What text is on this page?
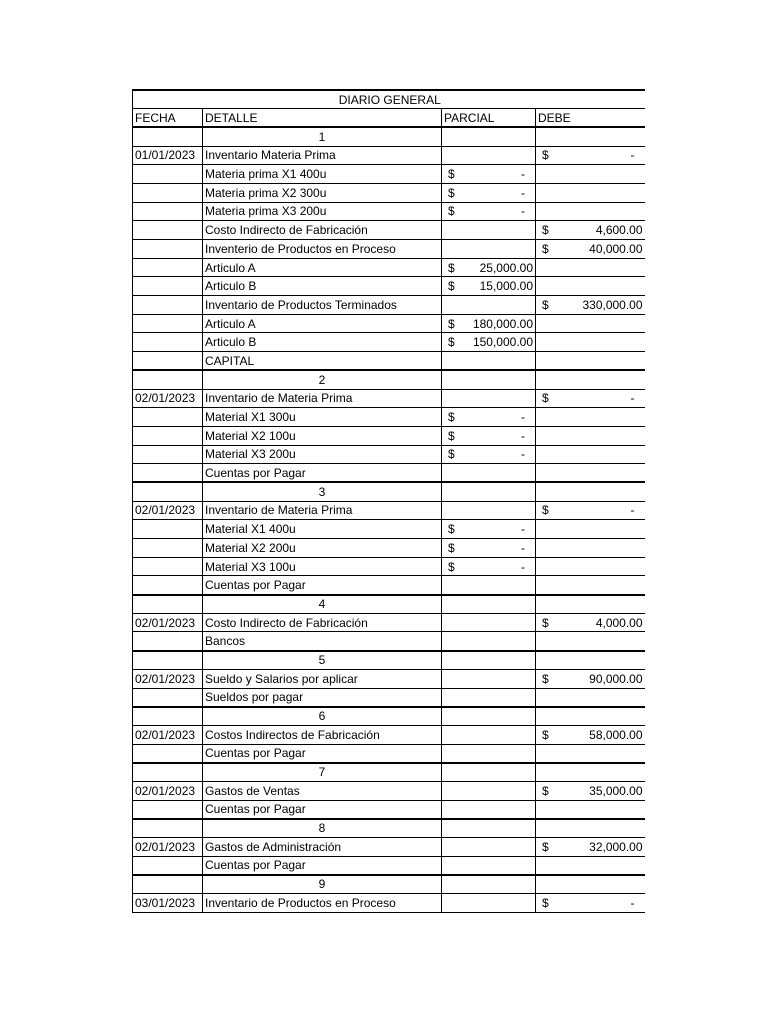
DIARIO GENERAL			
FECHA	DETALLE	PARCIAL	DEBE
	1		
01/01/2023	Inventario Materia Prima		$ -

	Materia prima X1 400u	$ -	

	Materia prima X2 300u	$ -	

	Materia prima X3 200u	$ -	

	Costo Indirecto de Fabricación		$ 4,600.00

	Inventerio de Productos en Proceso		$ 40,000.00

	Articulo A	$ 25,000.00	

	Articulo B	$ 15,000.00	

	Inventario de Productos Terminados		$ 330,000.00

	Articulo A	$ 180,000.00	

	Articulo B	$ 150,000.00	

	CAPITAL		
	2		
02/01/2023	Inventario de Materia Prima		$ -

	Material X1 300u	$ -	

	Material X2 100u	$ -	

	Material X3 200u	$ -	

	Cuentas por Pagar		
	3		
02/01/2023	Inventario de Materia Prima		$ -

	Material X1 400u	$ -	

	Material X2 200u	$ -	

	Material X3 100u	$ -	

	Cuentas por Pagar		
	4		
02/01/2023	Costo Indirecto de Fabricación		$ 4,000.00

	Bancos		
	5		
02/01/2023	Sueldo y Salarios por aplicar		$ 90,000.00

	Sueldos por pagar		
	6		
02/01/2023	Costos Indirectos de Fabricación		$ 58,000.00

	Cuentas por Pagar		
	7		
02/01/2023	Gastos de Ventas		$ 35,000.00

	Cuentas por Pagar		
	8		
02/01/2023	Gastos de Administración		$ 32,000.00

	Cuentas por Pagar		
	9		
03/01/2023	Inventario de Productos en Proceso		$ -
